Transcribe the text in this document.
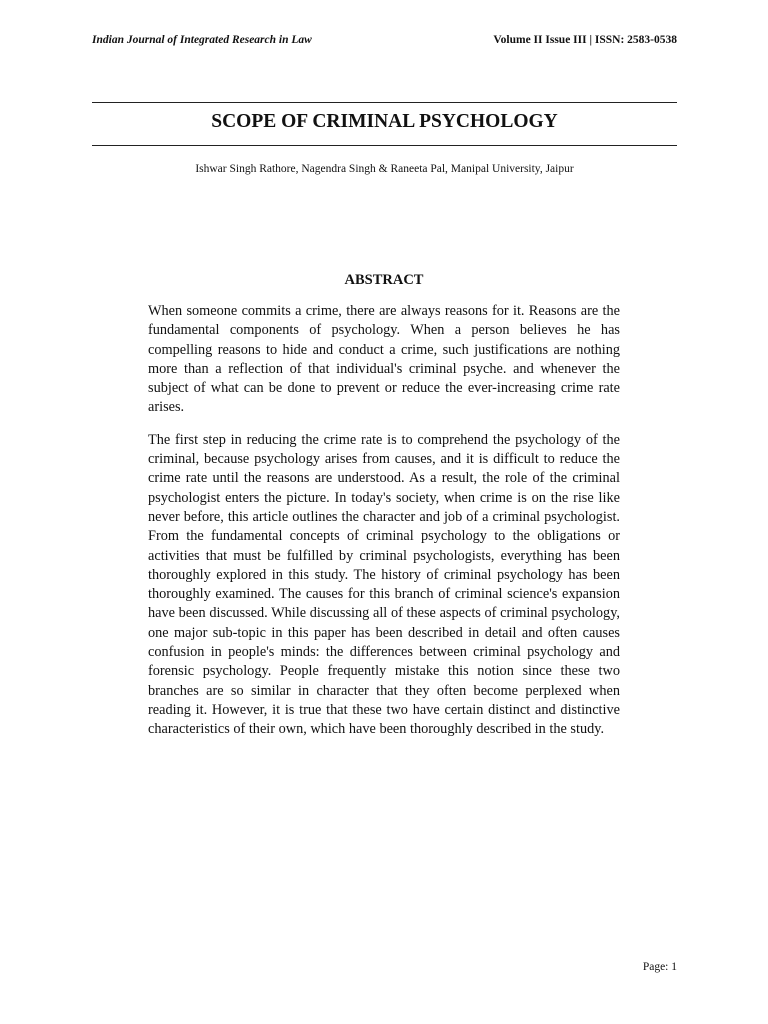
Indian Journal of Integrated Research in Law	Volume II Issue III | ISSN: 2583-0538
SCOPE OF CRIMINAL PSYCHOLOGY
Ishwar Singh Rathore, Nagendra Singh & Raneeta Pal, Manipal University, Jaipur
ABSTRACT

When someone commits a crime, there are always reasons for it. Reasons are the fundamental components of psychology. When a person believes he has compelling reasons to hide and conduct a crime, such justifications are nothing more than a reflection of that individual's criminal psyche. and whenever the subject of what can be done to prevent or reduce the ever-increasing crime rate arises.

The first step in reducing the crime rate is to comprehend the psychology of the criminal, because psychology arises from causes, and it is difficult to reduce the crime rate until the reasons are understood. As a result, the role of the criminal psychologist enters the picture. In today's society, when crime is on the rise like never before, this article outlines the character and job of a criminal psychologist. From the fundamental concepts of criminal psychology to the obligations or activities that must be fulfilled by criminal psychologists, everything has been thoroughly explored in this study. The history of criminal psychology has been thoroughly examined. The causes for this branch of criminal science's expansion have been discussed. While discussing all of these aspects of criminal psychology, one major sub-topic in this paper has been described in detail and often causes confusion in people's minds: the differences between criminal psychology and forensic psychology. People frequently mistake this notion since these two branches are so similar in character that they often become perplexed when reading it. However, it is true that these two have certain distinct and distinctive characteristics of their own, which have been thoroughly described in the study.

Page: 1
